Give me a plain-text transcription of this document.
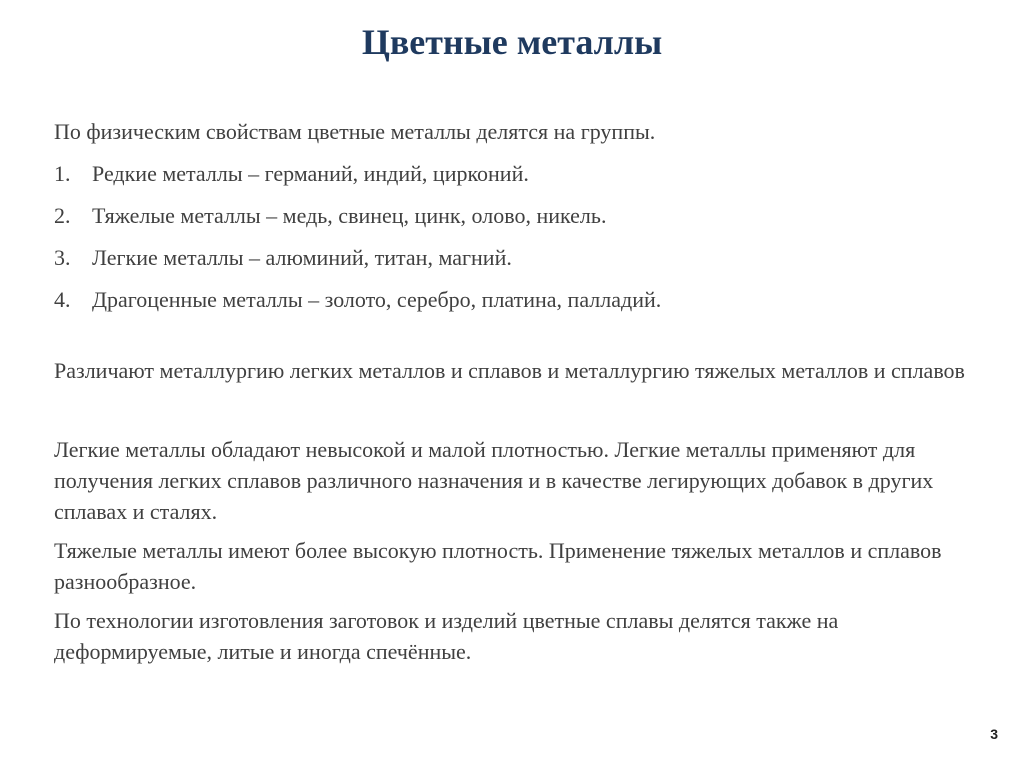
Цветные металлы

По физическим свойствам цветные металлы делятся на группы.

1. Редкие металлы – германий, индий, цирконий.
2. Тяжелые металлы – медь, свинец, цинк, олово, никель.
3. Легкие металлы – алюминий, титан, магний.
4. Драгоценные металлы – золото, серебро, платина, палладий.

Различают металлургию легких металлов и сплавов и металлургию тяжелых металлов и сплавов

Легкие металлы обладают невысокой и малой плотностью. Легкие металлы применяют для получения легких сплавов различного назначения и в качестве легирующих добавок в других сплавах и сталях.

Тяжелые металлы имеют более высокую плотность. Применение тяжелых металлов и сплавов разнообразное.

По технологии изготовления заготовок и изделий цветные сплавы делятся также на деформируемые, литые и иногда спечённые.

3
